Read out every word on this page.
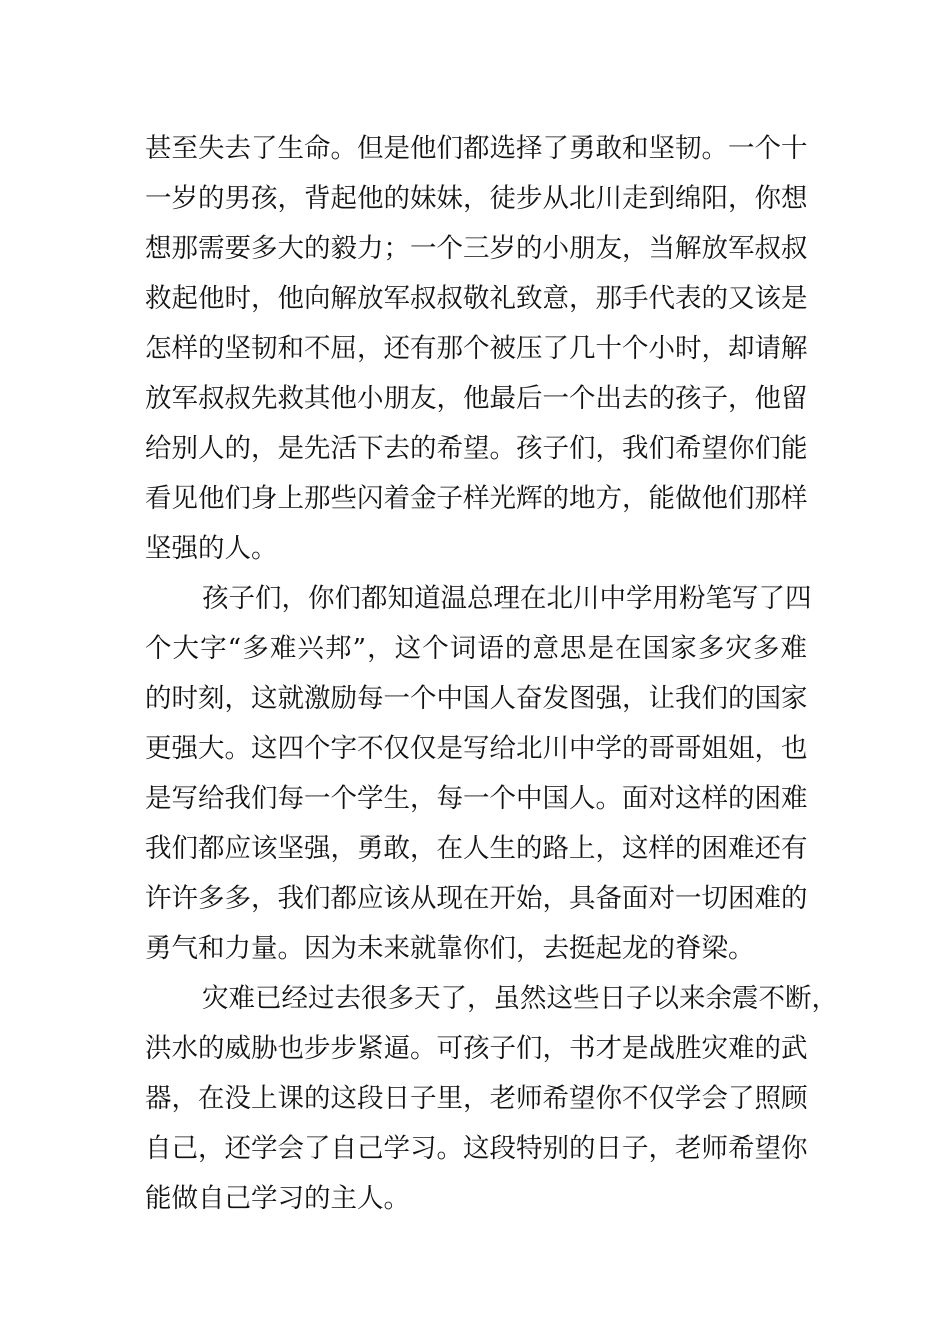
甚至失去了生命。但是他们都选择了勇敢和坚韧。一个十
一岁的男孩，背起他的妹妹，徒步从北川走到绵阳，你想
想那需要多大的毅力；一个三岁的小朋友，当解放军叔叔
救起他时，他向解放军叔叔敬礼致意，那手代表的又该是
怎样的坚韧和不屈，还有那个被压了几十个小时，却请解
放军叔叔先救其他小朋友，他最后一个出去的孩子，他留
给别人的，是先活下去的希望。孩子们，我们希望你们能
看见他们身上那些闪着金子样光辉的地方，能做他们那样
坚强的人。
孩子们，你们都知道温总理在北川中学用粉笔写了四
个大字“多难兴邦”，这个词语的意思是在国家多灾多难
的时刻，这就激励每一个中国人奋发图强，让我们的国家
更强大。这四个字不仅仅是写给北川中学的哥哥姐姐，也
是写给我们每一个学生，每一个中国人。面对这样的困难
我们都应该坚强，勇敢，在人生的路上，这样的困难还有
许许多多，我们都应该从现在开始，具备面对一切困难的
勇气和力量。因为未来就靠你们，去挺起龙的脊梁。
灾难已经过去很多天了，虽然这些日子以来余震不断，
洪水的威胁也步步紧逼。可孩子们，书才是战胜灾难的武
器，在没上课的这段日子里，老师希望你不仅学会了照顾
自己，还学会了自己学习。这段特别的日子，老师希望你
能做自己学习的主人。
